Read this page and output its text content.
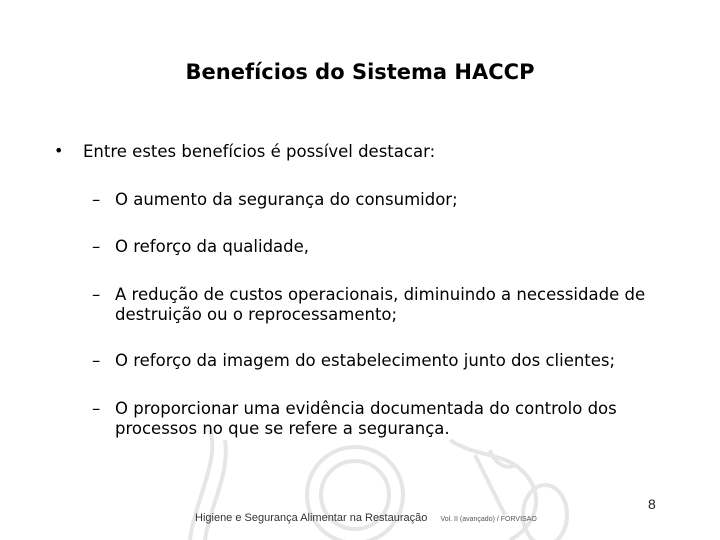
Benefícios do Sistema HACCP
• Entre estes benefícios é possível destacar:
– O aumento da segurança do consumidor;
– O reforço da qualidade,
– A redução de custos operacionais, diminuindo a necessidade de destruição ou o reprocessamento;
– O reforço da imagem do estabelecimento junto dos clientes;
– O proporcionar uma evidência documentada do controlo dos processos no que se refere a segurança.
8
Higiene e Segurança Alimentar na Restauração Vol. II (avançado) / FORVISAO
